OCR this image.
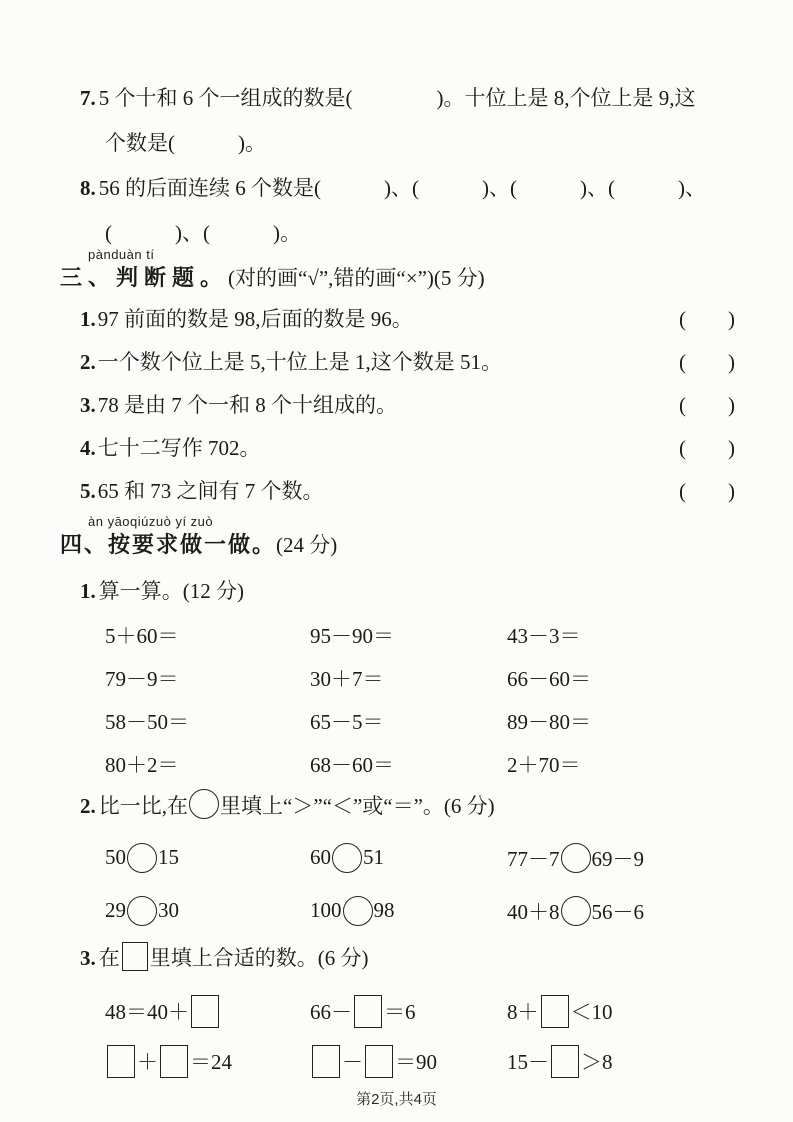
7. 5 个十和 6 个一组成的数是(　　　　)。十位上是 8,个位上是 9,这
个数是(　　　)。
8. 56 的后面连续 6 个数是(　　　)、(　　　)、(　　　)、(　　　)、
(　　　)、(　　　)。
pànduàn tí
三、判断题。(对的画“√”,错的画“×”)(5 分)
1.97 前面的数是 98,后面的数是 96。	(　　)
2.一个数个位上是 5,十位上是 1,这个数是 51。	(　　)
3.78 是由 7 个一和 8 个十组成的。	(　　)
4.七十二写作 702。	(　　)
5.65 和 73 之间有 7 个数。	(　　)
àn yāoqiúzuò yí zuò
四、按要求做一做。(24 分)
1. 算一算。(12 分)
5＋60＝	95－90＝	43－3＝
79－9＝	30＋7＝	66－60＝
58－50＝	65－5＝	89－80＝
80＋2＝	68－60＝	2＋70＝
2. 比一比,在 里填上“＞”“＜”或“＝”。(6 分)
50 15	60 51	77－7 69－9
29 30	100 98	40＋8 56－6
3. 在 里填上合适的数。(6 分)
48＝40＋	66－ ＝6	8＋ ＜10
＋ ＝24	－ ＝90	15－ ＞8
第2页,共4页
